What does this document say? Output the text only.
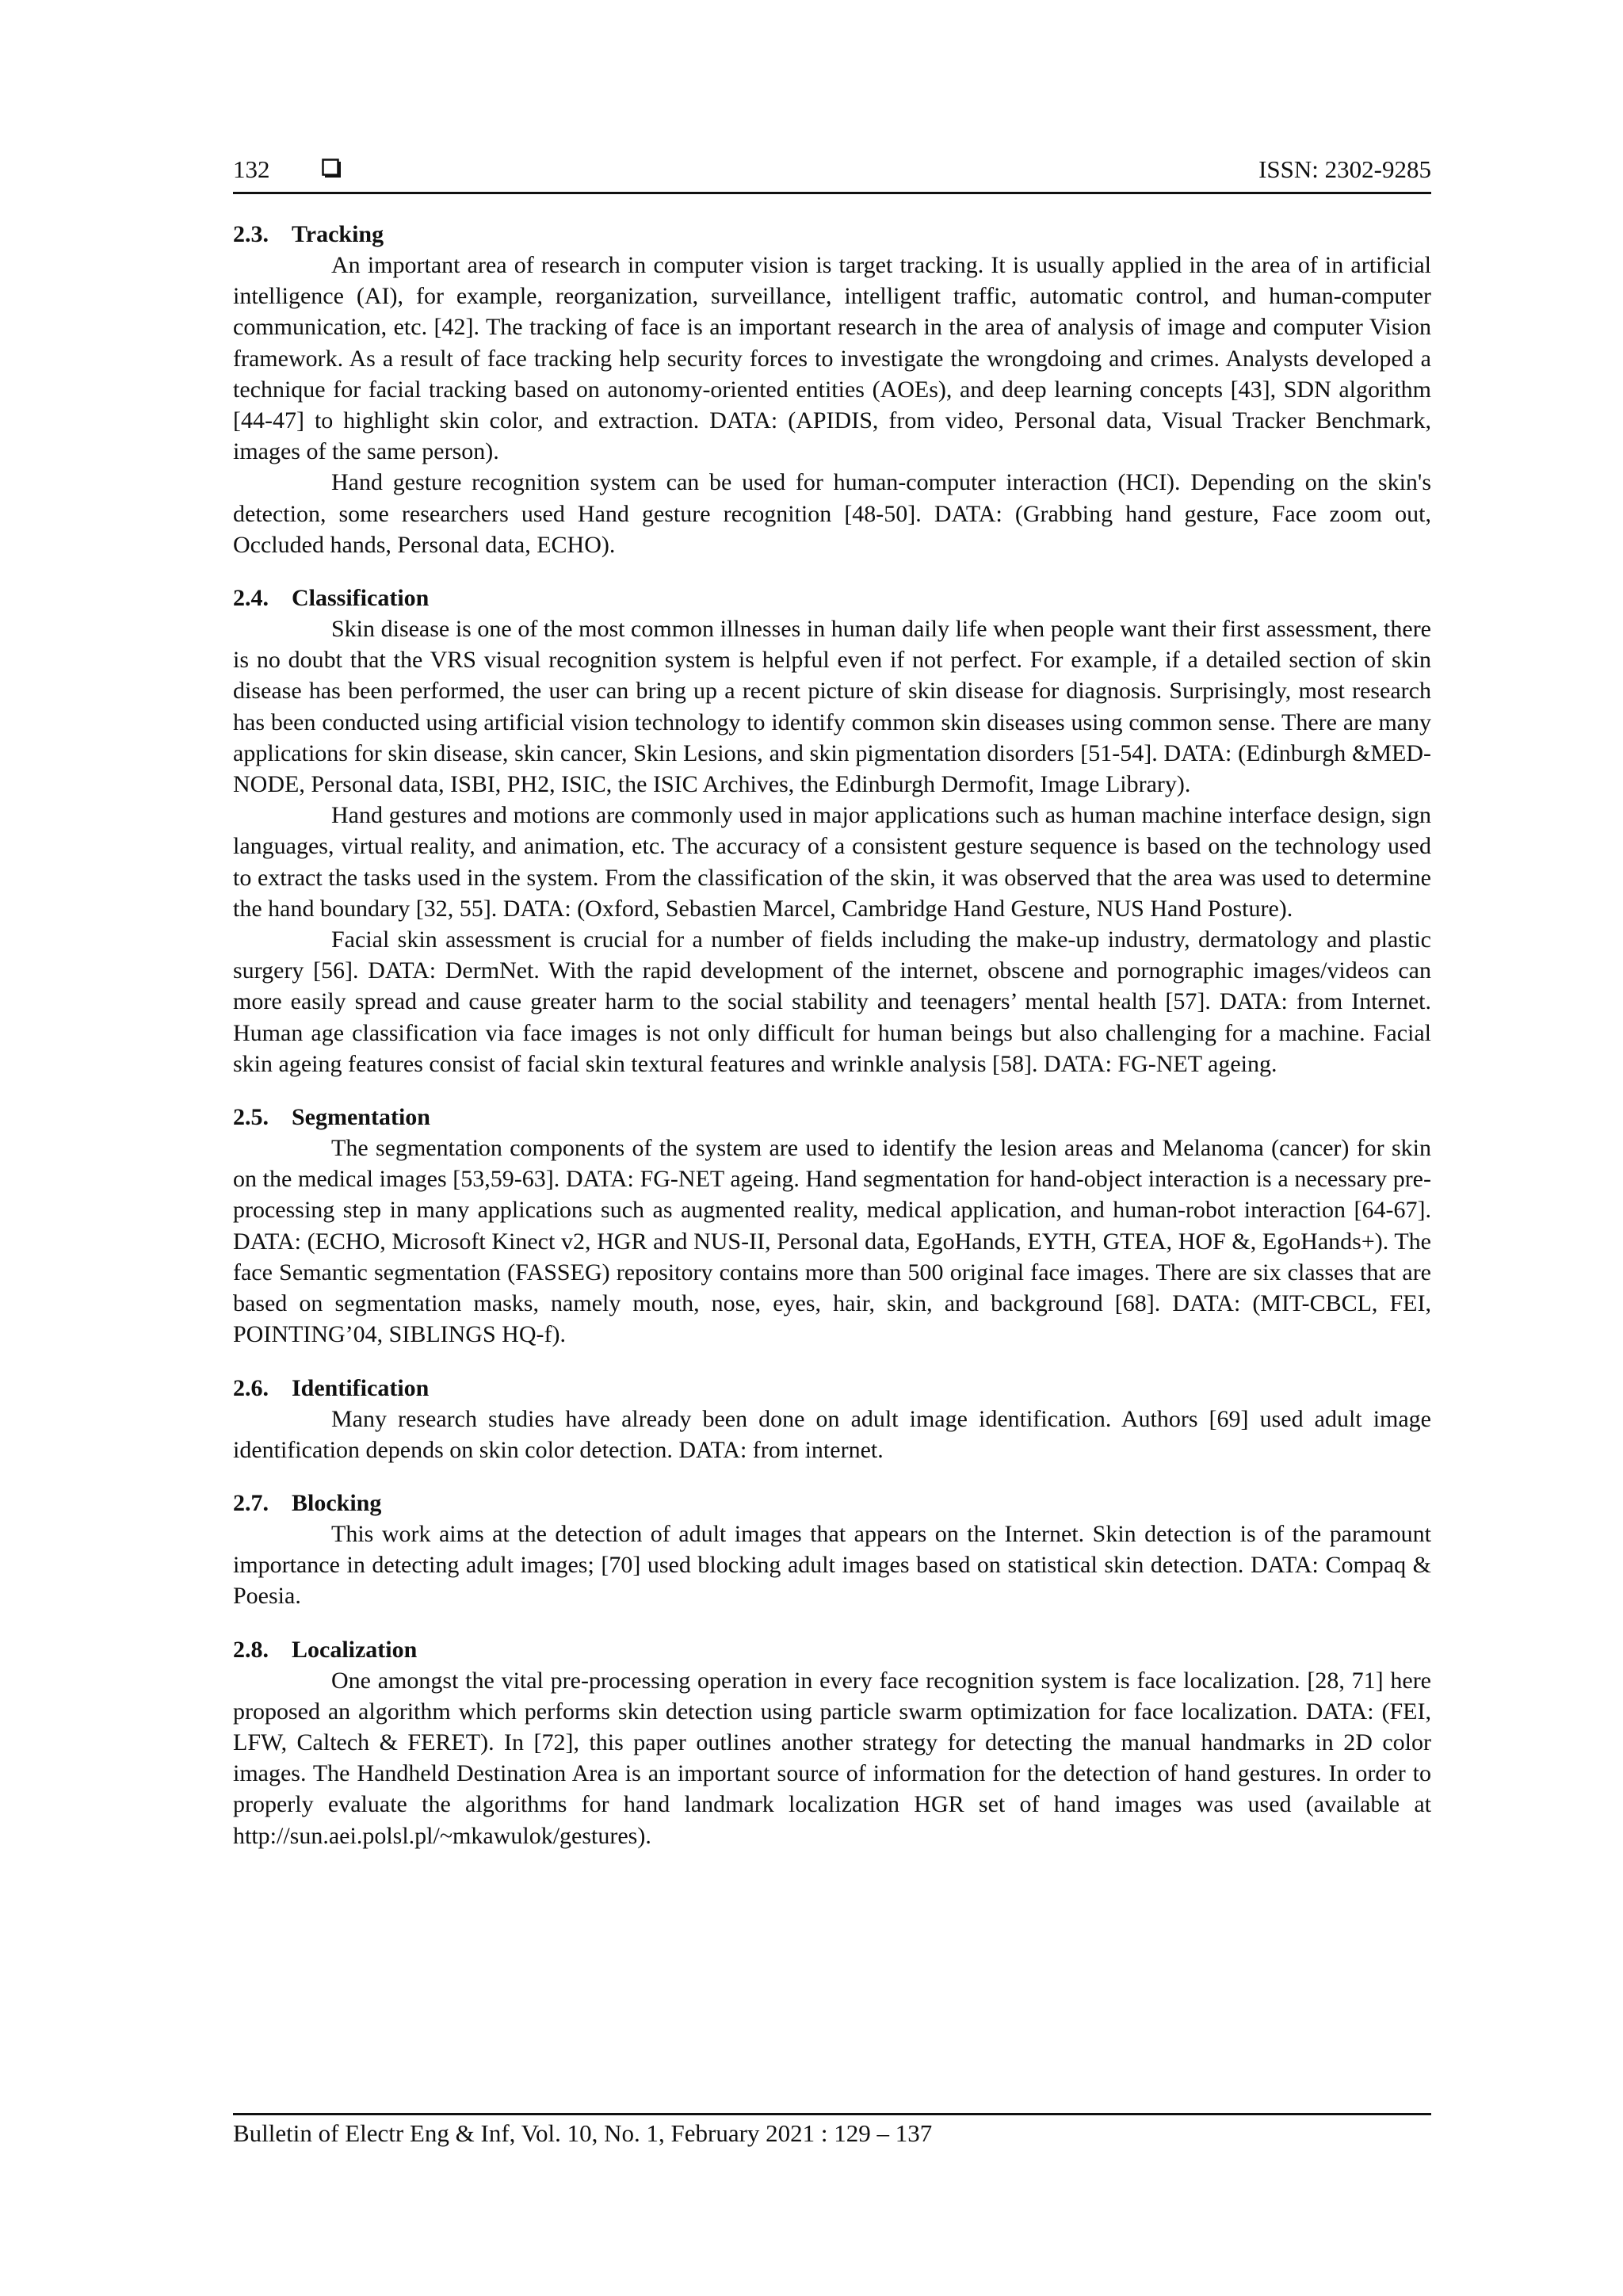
132	ISSN: 2302-9285
2.3. Tracking

An important area of research in computer vision is target tracking. It is usually applied in the area of in artificial intelligence (AI), for example, reorganization, surveillance, intelligent traffic, automatic control, and human-computer communication, etc. [42]. The tracking of face is an important research in the area of analysis of image and computer Vision framework. As a result of face tracking help security forces to investigate the wrongdoing and crimes. Analysts developed a technique for facial tracking based on autonomy-oriented entities (AOEs), and deep learning concepts [43], SDN algorithm [44-47] to highlight skin color, and extraction. DATA: (APIDIS, from video, Personal data, Visual Tracker Benchmark, images of the same person).

Hand gesture recognition system can be used for human-computer interaction (HCI). Depending on the skin's detection, some researchers used Hand gesture recognition [48-50]. DATA: (Grabbing hand gesture, Face zoom out, Occluded hands, Personal data, ECHO).

2.4. Classification

Skin disease is one of the most common illnesses in human daily life when people want their first assessment, there is no doubt that the VRS visual recognition system is helpful even if not perfect. For example, if a detailed section of skin disease has been performed, the user can bring up a recent picture of skin disease for diagnosis. Surprisingly, most research has been conducted using artificial vision technology to identify common skin diseases using common sense. There are many applications for skin disease, skin cancer, Skin Lesions, and skin pigmentation disorders [51-54]. DATA: (Edinburgh &MED-NODE, Personal data, ISBI, PH2, ISIC, the ISIC Archives, the Edinburgh Dermofit, Image Library).

Hand gestures and motions are commonly used in major applications such as human machine interface design, sign languages, virtual reality, and animation, etc. The accuracy of a consistent gesture sequence is based on the technology used to extract the tasks used in the system. From the classification of the skin, it was observed that the area was used to determine the hand boundary [32, 55]. DATA: (Oxford, Sebastien Marcel, Cambridge Hand Gesture, NUS Hand Posture).

Facial skin assessment is crucial for a number of fields including the make-up industry, dermatology and plastic surgery [56]. DATA: DermNet. With the rapid development of the internet, obscene and pornographic images/videos can more easily spread and cause greater harm to the social stability and teenagers’ mental health [57]. DATA: from Internet. Human age classification via face images is not only difficult for human beings but also challenging for a machine. Facial skin ageing features consist of facial skin textural features and wrinkle analysis [58]. DATA: FG-NET ageing.

2.5. Segmentation

The segmentation components of the system are used to identify the lesion areas and Melanoma (cancer) for skin on the medical images [53,59-63]. DATA: FG-NET ageing. Hand segmentation for hand-object interaction is a necessary pre-processing step in many applications such as augmented reality, medical application, and human-robot interaction [64-67]. DATA: (ECHO, Microsoft Kinect v2, HGR and NUS-II, Personal data, EgoHands, EYTH, GTEA, HOF &, EgoHands+). The face Semantic segmentation (FASSEG) repository contains more than 500 original face images. There are six classes that are based on segmentation masks, namely mouth, nose, eyes, hair, skin, and background [68]. DATA: (MIT-CBCL, FEI, POINTING’04, SIBLINGS HQ-f).

2.6. Identification

Many research studies have already been done on adult image identification. Authors [69] used adult image identification depends on skin color detection. DATA: from internet.

2.7. Blocking

This work aims at the detection of adult images that appears on the Internet. Skin detection is of the paramount importance in detecting adult images; [70] used blocking adult images based on statistical skin detection. DATA: Compaq & Poesia.

2.8. Localization

One amongst the vital pre-processing operation in every face recognition system is face localization. [28, 71] here proposed an algorithm which performs skin detection using particle swarm optimization for face localization. DATA: (FEI, LFW, Caltech & FERET). In [72], this paper outlines another strategy for detecting the manual handmarks in 2D color images. The Handheld Destination Area is an important source of information for the detection of hand gestures. In order to properly evaluate the algorithms for hand landmark localization HGR set of hand images was used (available at http://sun.aei.polsl.pl/~mkawulok/gestures).

Bulletin of Electr Eng & Inf, Vol. 10, No. 1, February 2021 : 129 – 137
